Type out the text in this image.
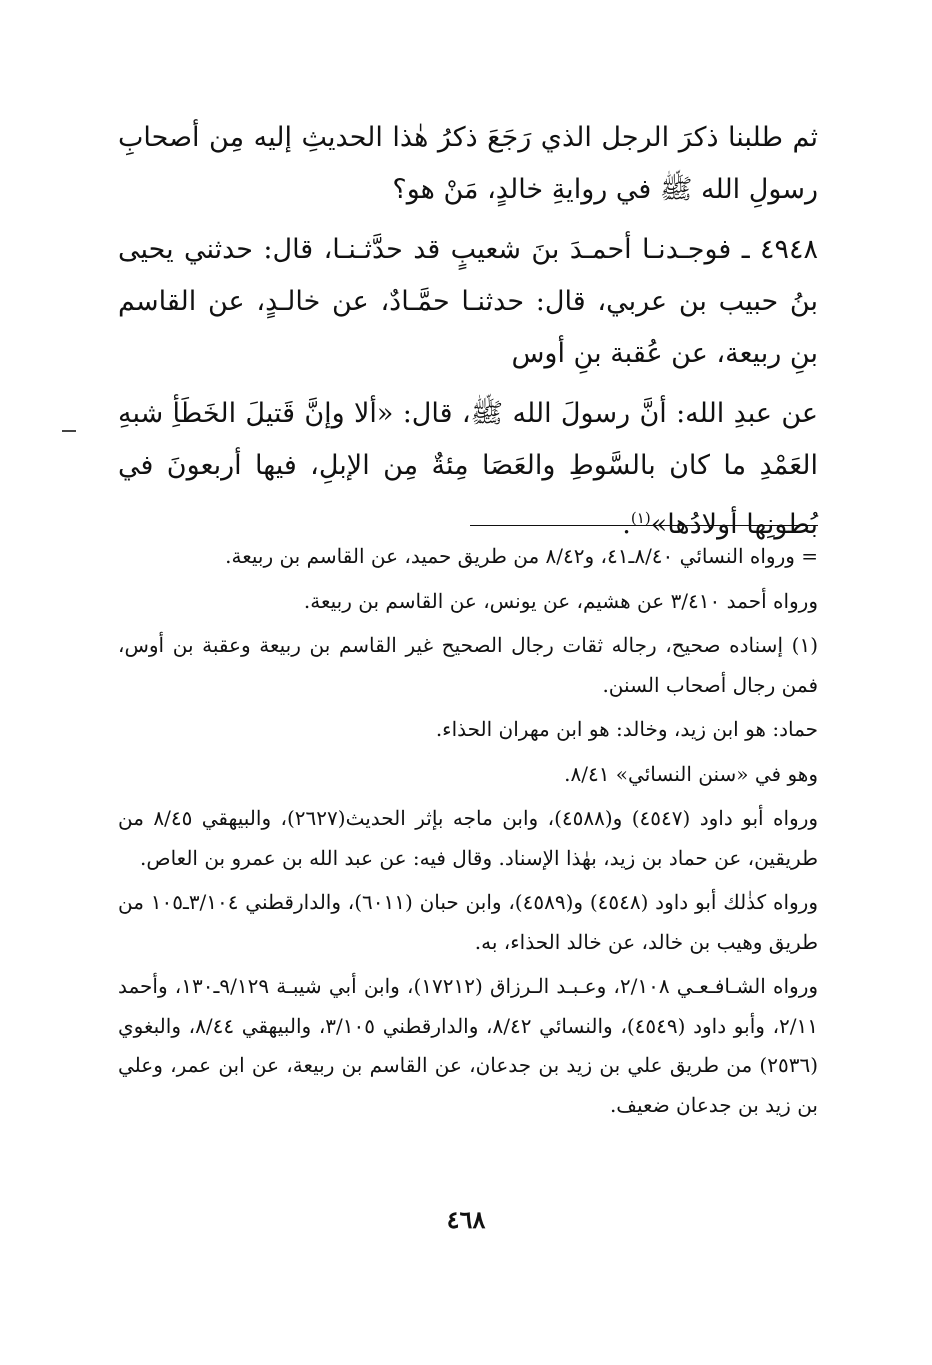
ثم طلبنا ذكرَ الرجل الذي رَجَعَ ذكرُ هٰذا الحديثِ إليه مِن أصحابِ رسولِ الله ﷺ في روايةِ خالدٍ، مَنْ هو؟

٤٩٤٨ ـ فوجـدنـا أحمـدَ بنَ شعيبٍ قد حدَّثـنـا، قال: حدثني يحيى بنُ حبيب بن عربي، قال: حدثنـا حمَّـادٌ، عن خالـدٍ، عن القاسم بنِ ربيعة، عن عُقبة بنِ أوس

عن عبدِ الله: أنَّ رسولَ الله ﷺ، قال: «ألا وإنَّ قَتيلَ الخَطَأِ شبهِ العَمْدِ ما كان بالسَّوطِ والعَصَا مِئةٌ مِن الإبلِ، فيها أربعونَ في بُطونِها أولادُها»$^{(١)}$.

= ورواه النسائي ٨/٤٠ـ٤١، و٨/٤٢ من طريق حميد، عن القاسم بن ربيعة.

ورواه أحمد ٣/٤١٠ عن هشيم، عن يونس، عن القاسم بن ربيعة.

(١) إسناده صحيح، رجاله ثقات رجال الصحيح غير القاسم بن ربيعة وعقبة بن أوس، فمن رجال أصحاب السنن.

حماد: هو ابن زيد، وخالد: هو ابن مهران الحذاء.

وهو في «سنن النسائي» ٨/٤١.

ورواه أبو داود (٤٥٤٧) و(٤٥٨٨)، وابن ماجه بإثر الحديث(٢٦٢٧)، والبيهقي ٨/٤٥ من طريقين، عن حماد بن زيد، بهٰذا الإسناد. وقال فيه: عن عبد الله بن عمرو بن العاص.

ورواه كذٰلك أبو داود (٤٥٤٨) و(٤٥٨٩)، وابن حبان (٦٠١١)، والدارقطني ٣/١٠٤ـ١٠٥ من طريق وهيب بن خالد، عن خالد الحذاء، به.

ورواه الشـافـعـي ٢/١٠٨، وعـبـد الـرزاق (١٧٢١٢)، وابن أبي شيبـة ٩/١٢٩ـ١٣٠، وأحمد ٢/١١، وأبو داود (٤٥٤٩)، والنسائي ٨/٤٢، والدارقطني ٣/١٠٥، والبيهقي ٨/٤٤، والبغوي (٢٥٣٦) من طريق علي بن زيد بن جدعان، عن القاسم بن ربيعة، عن ابن عمر، وعلي بن زيد بن جدعان ضعيف.

٤٦٨
